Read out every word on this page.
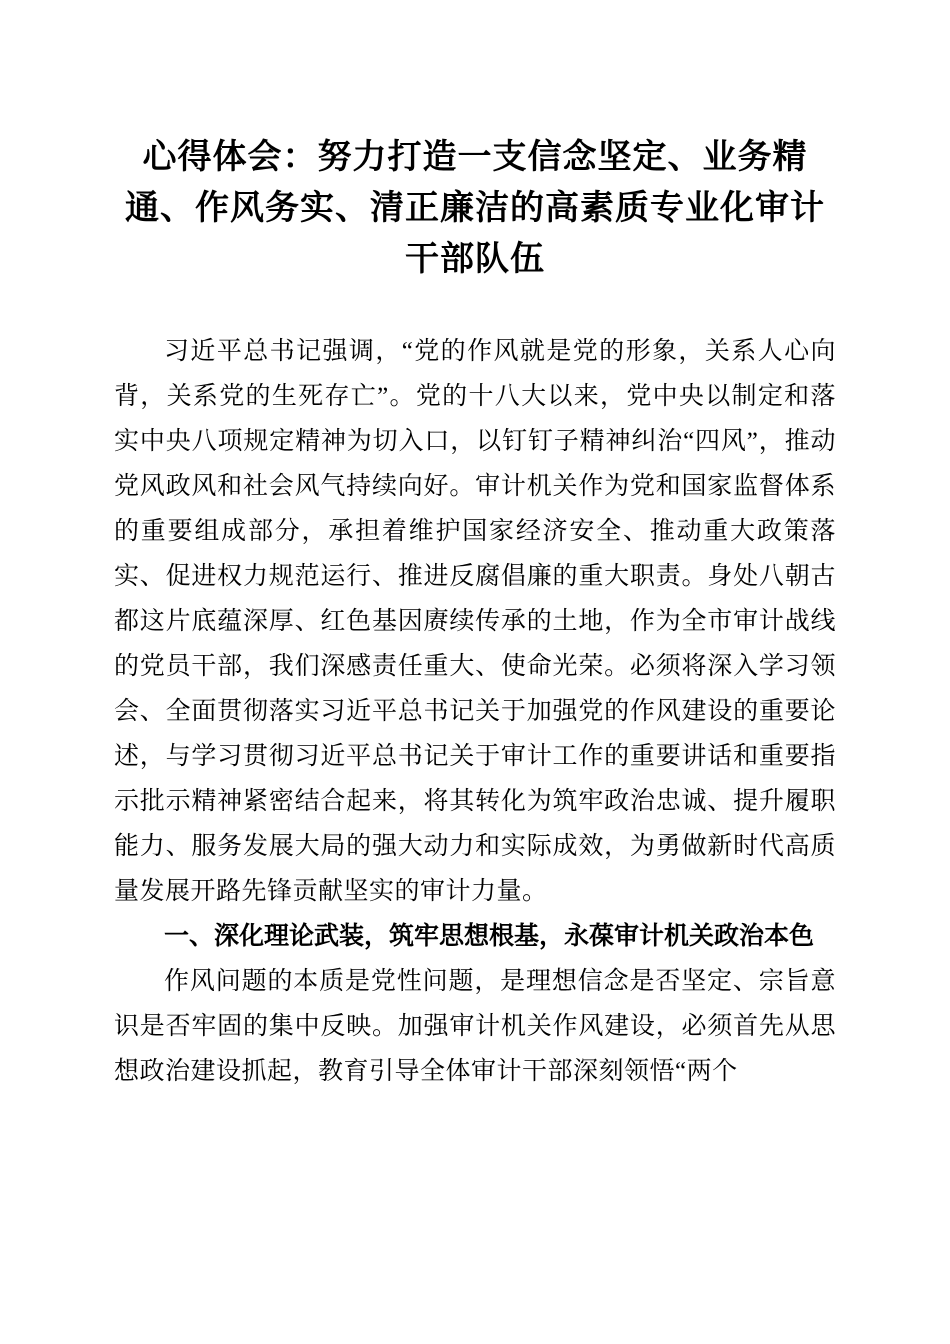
心得体会：努力打造一支信念坚定、业务精通、作风务实、清正廉洁的高素质专业化审计干部队伍

习近平总书记强调，“党的作风就是党的形象，关系人心向背，关系党的生死存亡”。党的十八大以来，党中央以制定和落实中央八项规定精神为切入口，以钉钉子精神纠治“四风”，推动党风政风和社会风气持续向好。审计机关作为党和国家监督体系的重要组成部分，承担着维护国家经济安全、推动重大政策落实、促进权力规范运行、推进反腐倡廉的重大职责。身处八朝古都这片底蕴深厚、红色基因赓续传承的土地，作为全市审计战线的党员干部，我们深感责任重大、使命光荣。必须将深入学习领会、全面贯彻落实习近平总书记关于加强党的作风建设的重要论述，与学习贯彻习近平总书记关于审计工作的重要讲话和重要指示批示精神紧密结合起来，将其转化为筑牢政治忠诚、提升履职能力、服务发展大局的强大动力和实际成效，为勇做新时代高质量发展开路先锋贡献坚实的审计力量。

一、深化理论武装，筑牢思想根基，永葆审计机关政治本色

作风问题的本质是党性问题，是理想信念是否坚定、宗旨意识是否牢固的集中反映。加强审计机关作风建设，必须首先从思想政治建设抓起，教育引导全体审计干部深刻领悟“两个
